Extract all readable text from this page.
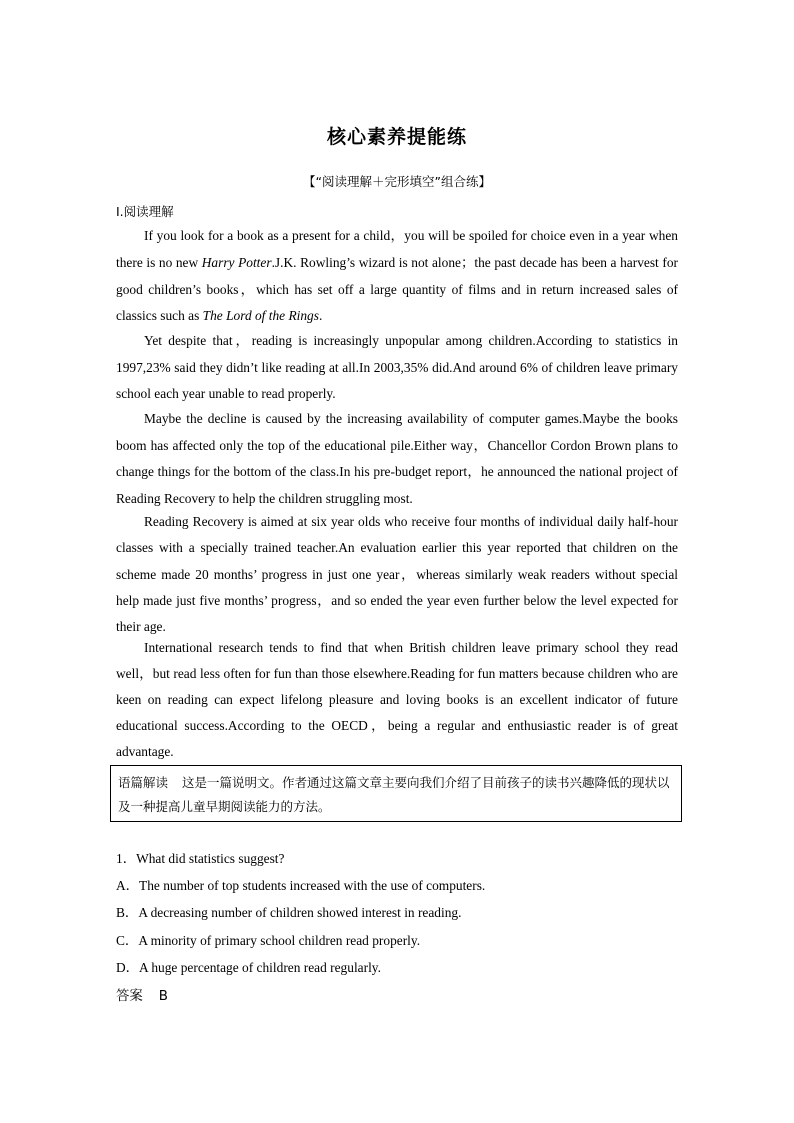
核心素养提能练
【“阅读理解＋完形填空”组合练】
Ⅰ.阅读理解

If you look for a book as a present for a child，you will be spoiled for choice even in a year when there is no new Harry Potter.J.K. Rowling’s wizard is not alone；the past decade has been a harvest for good children’s books，which has set off a large quantity of films and in return increased sales of classics such as The Lord of the Rings.

Yet despite that，reading is increasingly unpopular among children.According to statistics in 1997,23% said they didn’t like reading at all.In 2003,35% did.And around 6% of children leave primary school each year unable to read properly.

Maybe the decline is caused by the increasing availability of computer games.Maybe the books boom has affected only the top of the educational pile.Either way，Chancellor Cordon Brown plans to change things for the bottom of the class.In his pre-budget report，he announced the national project of Reading Recovery to help the children struggling most.

Reading Recovery is aimed at six year olds who receive four months of individual daily half-hour classes with a specially trained teacher.An evaluation earlier this year reported that children on the scheme made 20 months’ progress in just one year，whereas similarly weak readers without special help made just five months’ progress，and so ended the year even further below the level expected for their age.

International research tends to find that when British children leave primary school they read well，but read less often for fun than those elsewhere.Reading for fun matters because children who are keen on reading can expect lifelong pleasure and loving books is an excellent indicator of future educational success.According to the OECD，being a regular and enthusiastic reader is of great advantage.

语篇解读 这是一篇说明文。作者通过这篇文章主要向我们介绍了目前孩子的读书兴趣降低的现状以及一种提高儿童早期阅读能力的方法。
1．What did statistics suggest?
A．The number of top students increased with the use of computers.
B．A decreasing number of children showed interest in reading.
C．A minority of primary school children read properly.
D．A huge percentage of children read regularly.
答案 B
